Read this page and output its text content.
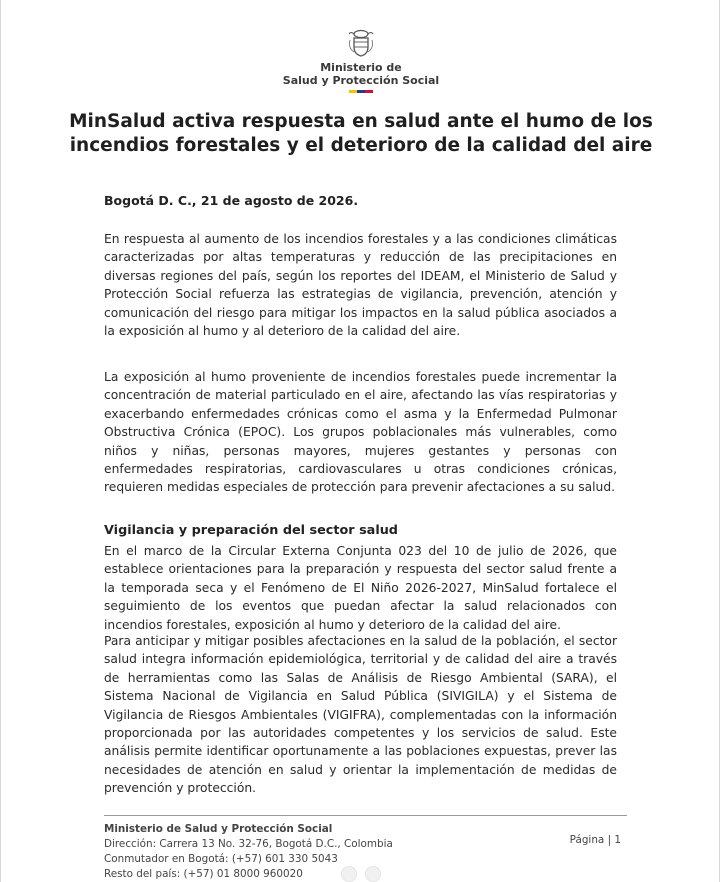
Ministerio de
Salud y Protección Social
MinSalud activa respuesta en salud ante el humo de los incendios forestales y el deterioro de la calidad del aire

Bogotá D. C., 21 de agosto de 2026.

En respuesta al aumento de los incendios forestales y a las condiciones climáticas caracterizadas por altas temperaturas y reducción de las precipitaciones en diversas regiones del país, según los reportes del IDEAM, el Ministerio de Salud y Protección Social refuerza las estrategias de vigilancia, prevención, atención y comunicación del riesgo para mitigar los impactos en la salud pública asociados a la exposición al humo y al deterioro de la calidad del aire.

La exposición al humo proveniente de incendios forestales puede incrementar la concentración de material particulado en el aire, afectando las vías respiratorias y exacerbando enfermedades crónicas como el asma y la Enfermedad Pulmonar Obstructiva Crónica (EPOC). Los grupos poblacionales más vulnerables, como niños y niñas, personas mayores, mujeres gestantes y personas con enfermedades respiratorias, cardiovasculares u otras condiciones crónicas, requieren medidas especiales de protección para prevenir afectaciones a su salud.

Vigilancia y preparación del sector salud

En el marco de la Circular Externa Conjunta 023 del 10 de julio de 2026, que establece orientaciones para la preparación y respuesta del sector salud frente a la temporada seca y el Fenómeno de El Niño 2026-2027, MinSalud fortalece el seguimiento de los eventos que puedan afectar la salud relacionados con incendios forestales, exposición al humo y deterioro de la calidad del aire.

Para anticipar y mitigar posibles afectaciones en la salud de la población, el sector salud integra información epidemiológica, territorial y de calidad del aire a través de herramientas como las Salas de Análisis de Riesgo Ambiental (SARA), el Sistema Nacional de Vigilancia en Salud Pública (SIVIGILA) y el Sistema de Vigilancia de Riesgos Ambientales (VIGIFRA), complementadas con la información proporcionada por las autoridades competentes y los servicios de salud. Este análisis permite identificar oportunamente a las poblaciones expuestas, prever las necesidades de atención en salud y orientar la implementación de medidas de prevención y protección.

Ministerio de Salud y Protección Social
Dirección: Carrera 13 No. 32-76, Bogotá D.C., Colombia
Conmutador en Bogotá: (+57) 601 330 5043
Resto del país: (+57) 01 8000 960020
Página | 1
